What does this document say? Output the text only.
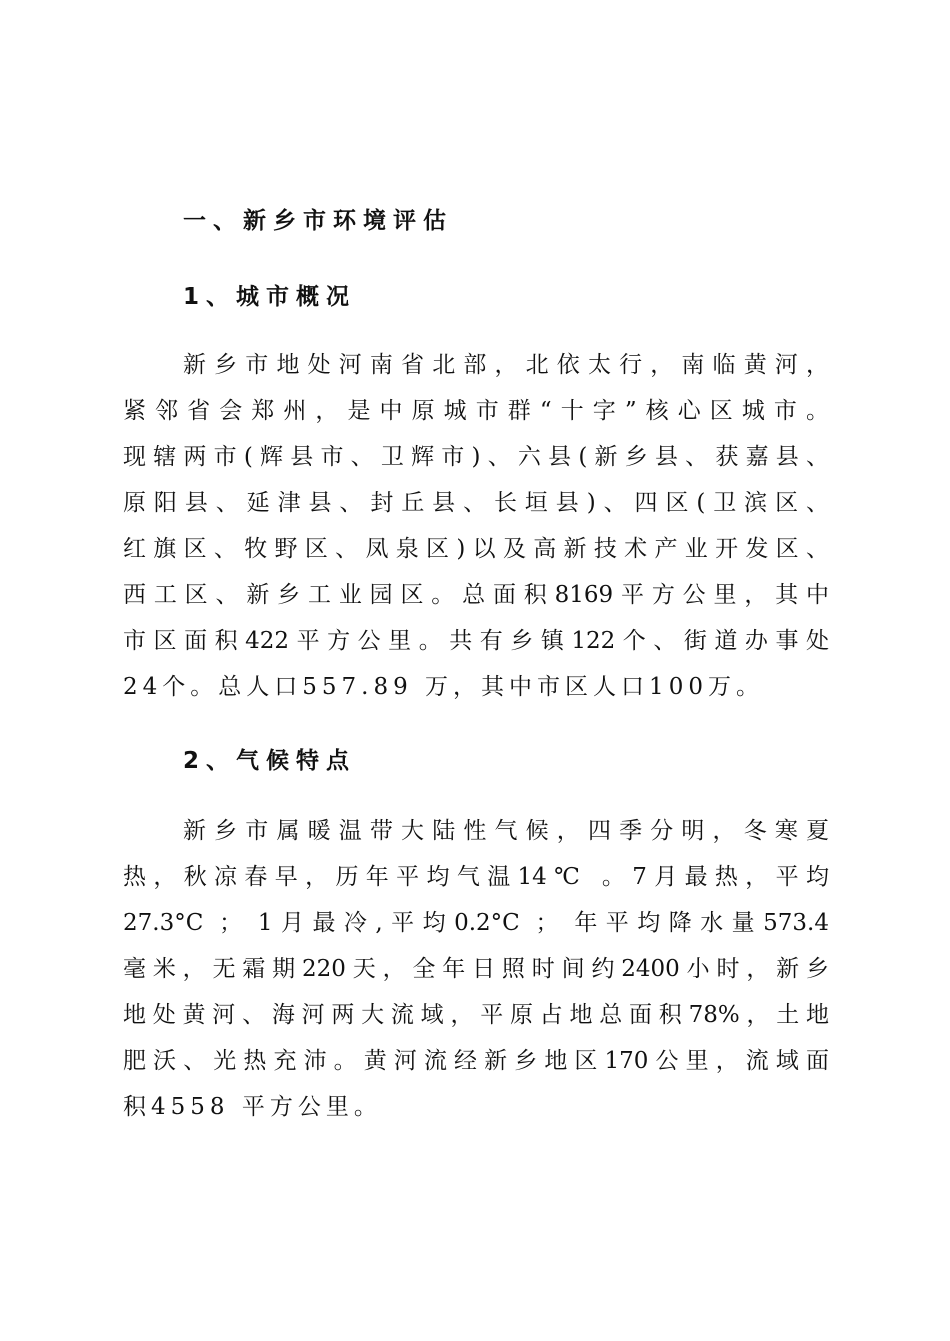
一、新乡市环境评估
1、城市概况
新乡市地处河南省北部，北依太行，南临黄河，
紧邻省会郑州，是中原城市群“十字”核心区城市。
现辖两市(辉县市、卫辉市)、六县(新乡县、获嘉县、
原阳县、延津县、封丘县、长垣县)、四区(卫滨区、
红旗区、牧野区、凤泉区)以及高新技术产业开发区、
西工区、新乡工业园区。总面积8169平方公里，其中
市区面积422平方公里。共有乡镇122个、街道办事处
24个。总人口557.89 万，其中市区人口100万。
2、气候特点
新乡市属暖温带大陆性气候，四季分明，冬寒夏
热，秋凉春早，历年平均气温14℃ 。7月最热，平均
27.3°C ； 1月最冷,平均0.2°C ； 年平均降水量573.4
毫米，无霜期220天，全年日照时间约2400小时，新乡
地处黄河、海河两大流域，平原占地总面积78%，土地
肥沃、光热充沛。黄河流经新乡地区170公里，流域面
积4558 平方公里。
